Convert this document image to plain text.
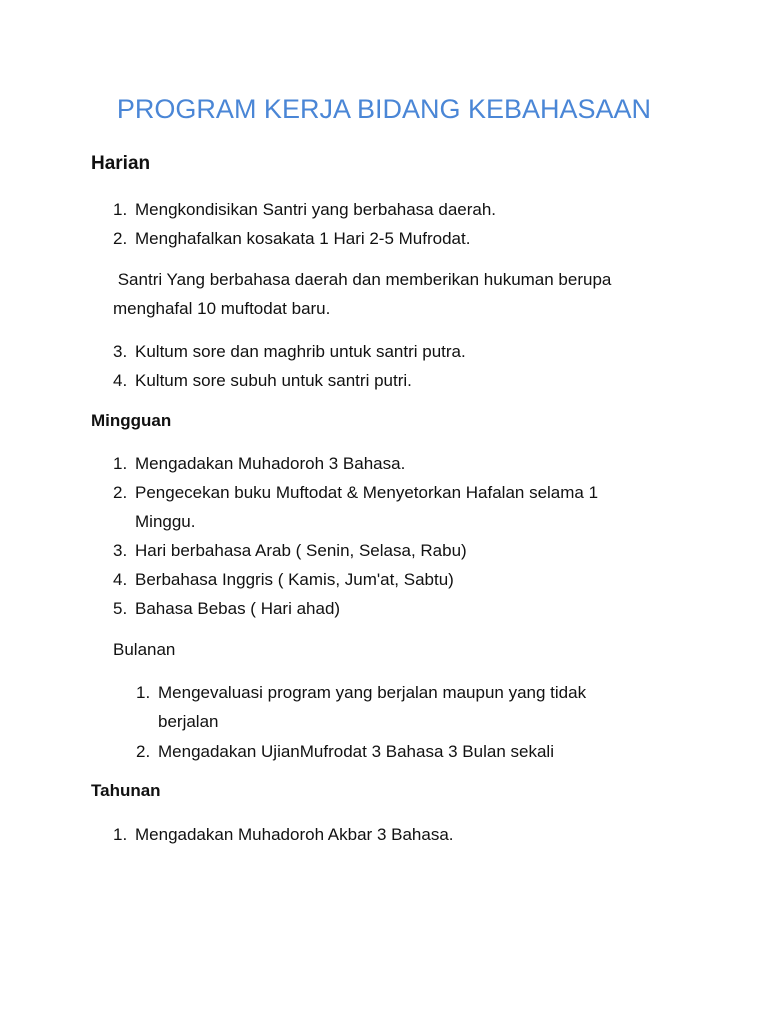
PROGRAM KERJA BIDANG KEBAHASAAN
Harian
1. Mengkondisikan Santri yang berbahasa daerah.
2. Menghafalkan kosakata 1 Hari 2-5 Mufrodat.
Santri Yang berbahasa daerah dan memberikan hukuman berupa
menghafal 10 muftodat baru.
3. Kultum sore dan maghrib untuk santri putra.
4. Kultum sore subuh untuk santri putri.
Mingguan
1. Mengadakan Muhadoroh 3 Bahasa.
2. Pengecekan buku Muftodat & Menyetorkan Hafalan selama 1
Minggu.
3. Hari berbahasa Arab ( Senin, Selasa, Rabu)
4. Berbahasa Inggris ( Kamis, Jum'at, Sabtu)
5. Bahasa Bebas ( Hari ahad)
Bulanan
1. Mengevaluasi program yang berjalan maupun yang tidak
berjalan
2. Mengadakan UjianMufrodat 3 Bahasa 3 Bulan sekali
Tahunan
1. Mengadakan Muhadoroh Akbar 3 Bahasa.
